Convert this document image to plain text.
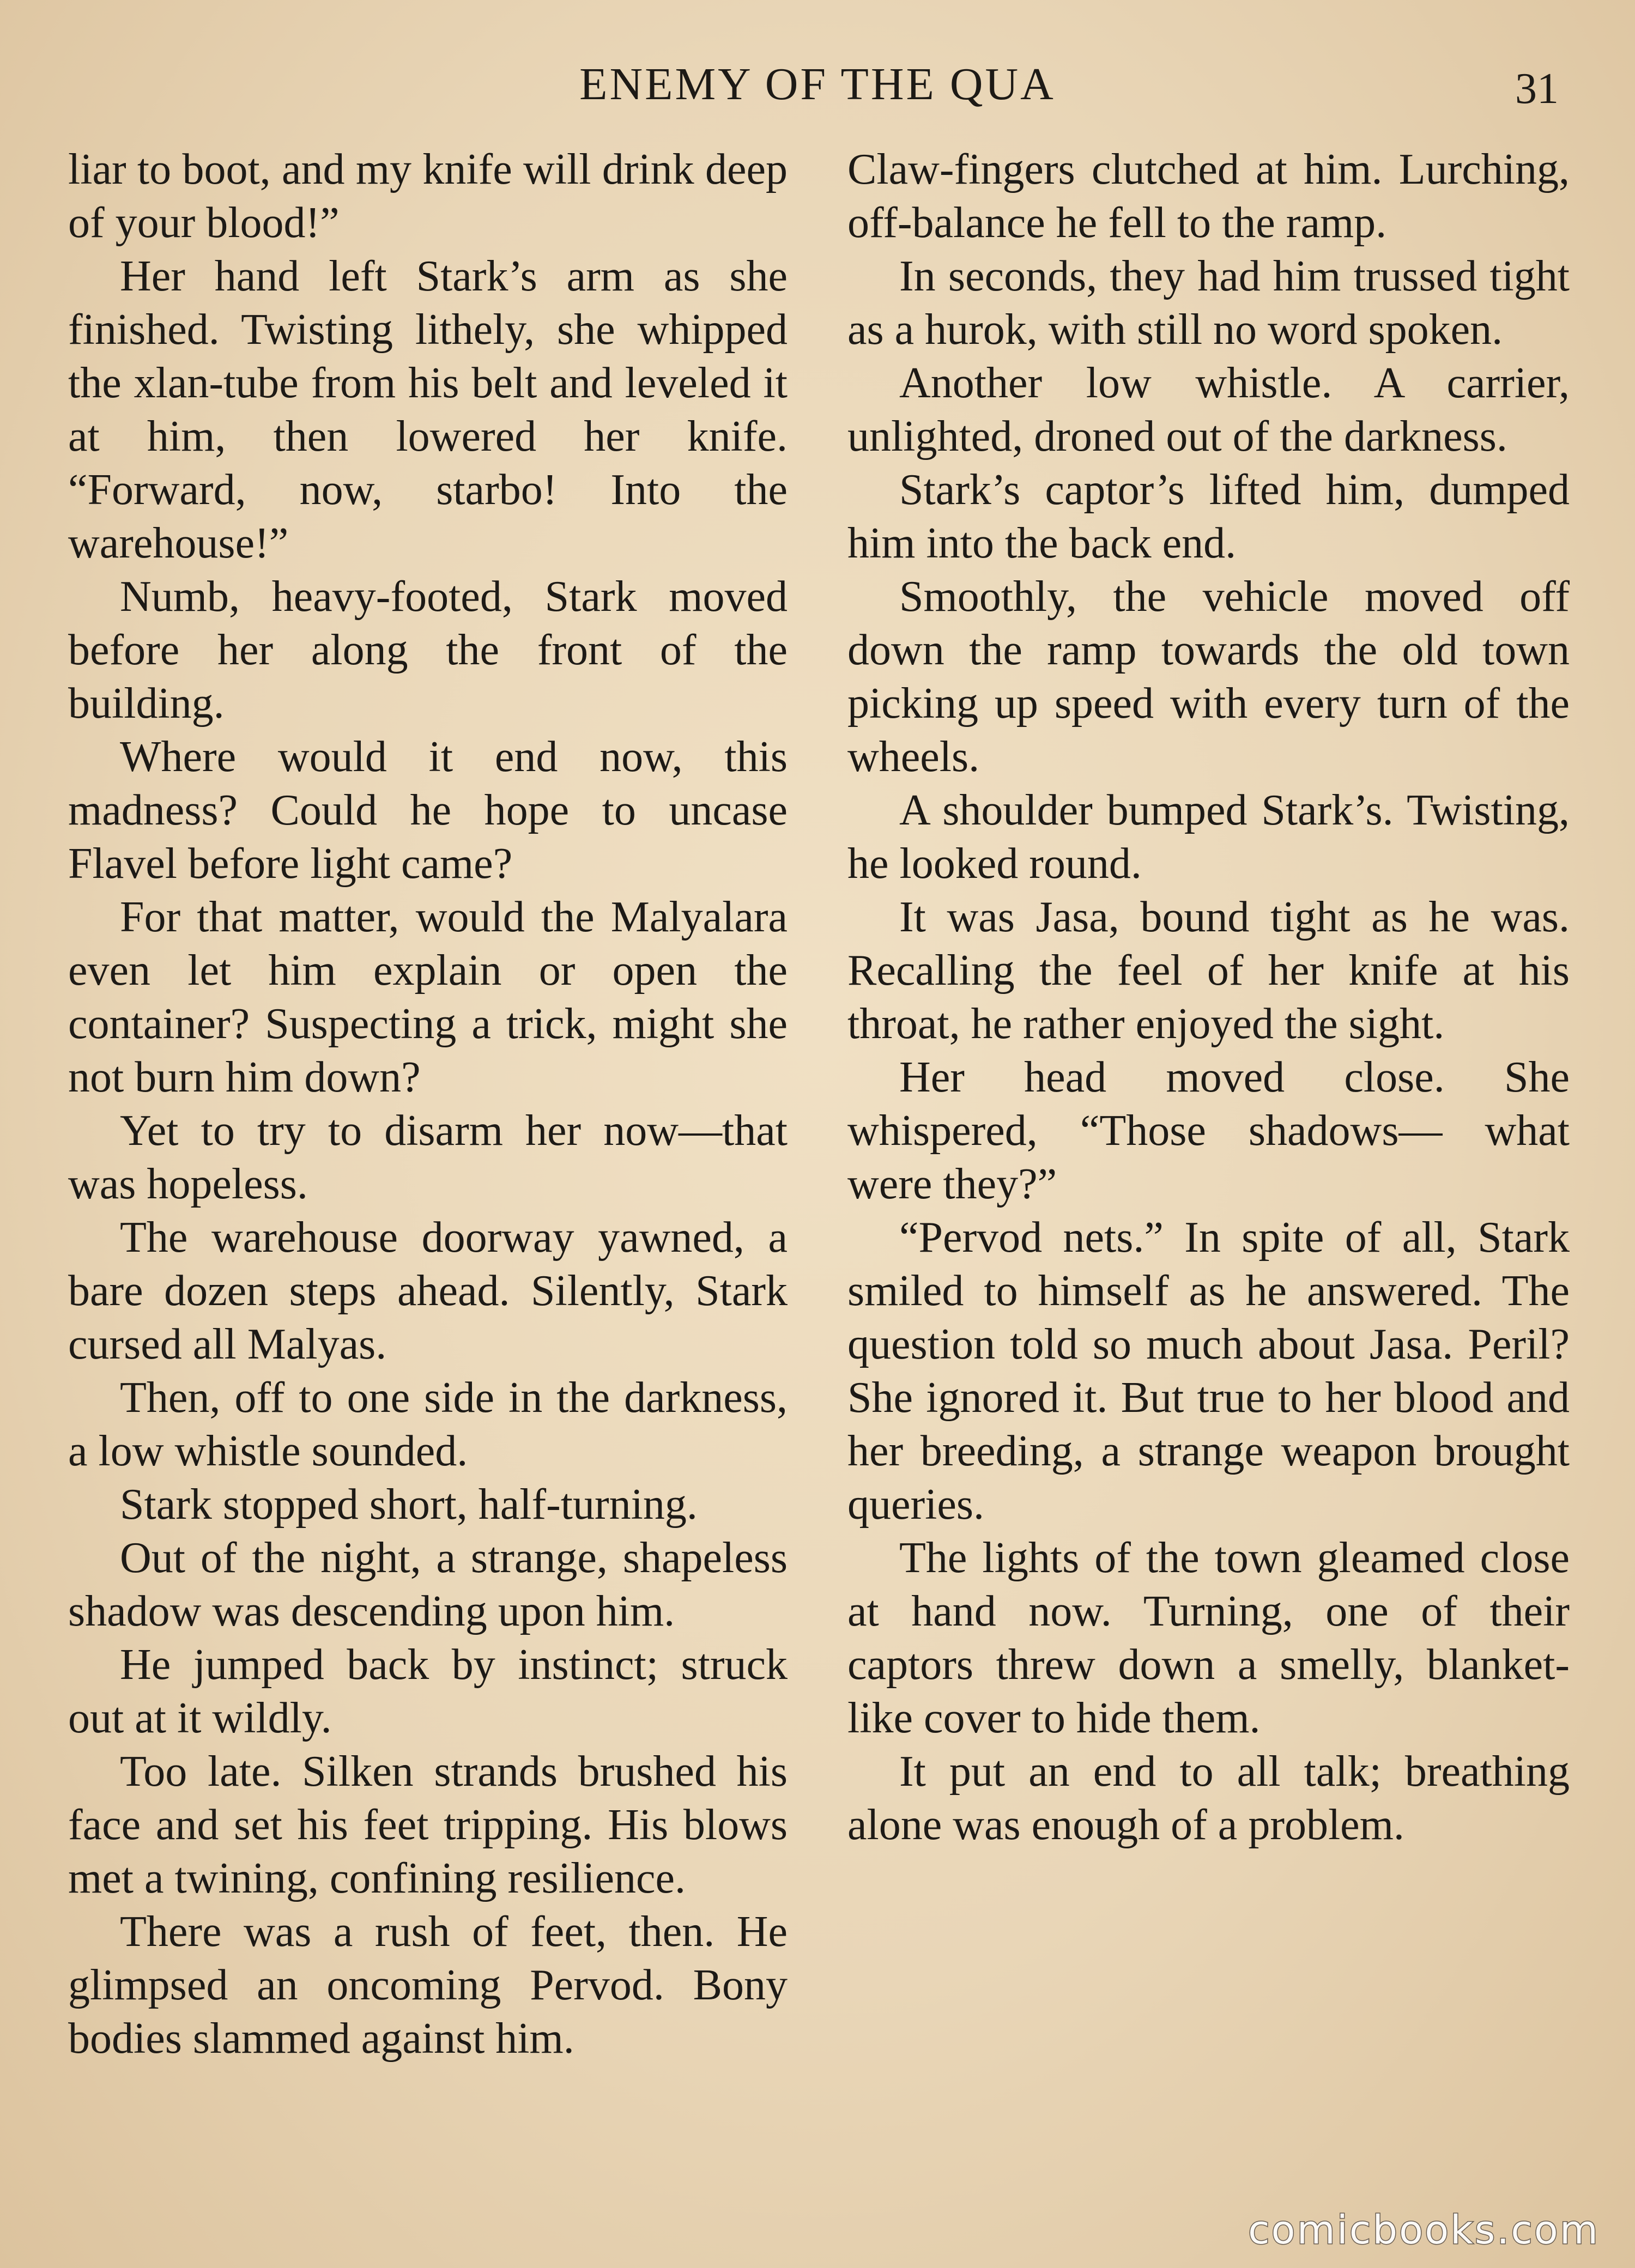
ENEMY OF THE QUA	31

liar to boot, and my knife will drink deep of your blood!”

Her hand left Stark’s arm as she finished. Twisting lithely, she whipped the xlan-tube from his belt and leveled it at him, then lowered her knife. “Forward, now, starbo! Into the warehouse!”

Numb, heavy-footed, Stark moved before her along the front of the building.

Where would it end now, this madness? Could he hope to uncase Flavel before light came?

For that matter, would the Malyalara even let him explain or open the container? Suspecting a trick, might she not burn him down?

Yet to try to disarm her now—that was hopeless.

The warehouse doorway yawned, a bare dozen steps ahead. Silently, Stark cursed all Malyas.

Then, off to one side in the darkness, a low whistle sounded.

Stark stopped short, half-turning.

Out of the night, a strange, shapeless shadow was descending upon him.

He jumped back by instinct; struck out at it wildly.

Too late. Silken strands brushed his face and set his feet tripping. His blows met a twining, confining resilience.

There was a rush of feet, then. He glimpsed an oncoming Pervod. Bony bodies slammed against him.

Claw-fingers clutched at him. Lurching, off-balance he fell to the ramp.

In seconds, they had him trussed tight as a hurok, with still no word spoken.

Another low whistle. A carrier, unlighted, droned out of the darkness.

Stark’s captor’s lifted him, dumped him into the back end.

Smoothly, the vehicle moved off down the ramp towards the old town picking up speed with every turn of the wheels.

A shoulder bumped Stark’s. Twisting, he looked round.

It was Jasa, bound tight as he was. Recalling the feel of her knife at his throat, he rather enjoyed the sight.

Her head moved close. She whispered, “Those shadows— what were they?”

“Pervod nets.” In spite of all, Stark smiled to himself as he answered. The question told so much about Jasa. Peril? She ignored it. But true to her blood and her breeding, a strange weapon brought queries.

The lights of the town gleamed close at hand now. Turning, one of their captors threw down a smelly, blanket-like cover to hide them.

It put an end to all talk; breathing alone was enough of a problem.

comicbooks.com
